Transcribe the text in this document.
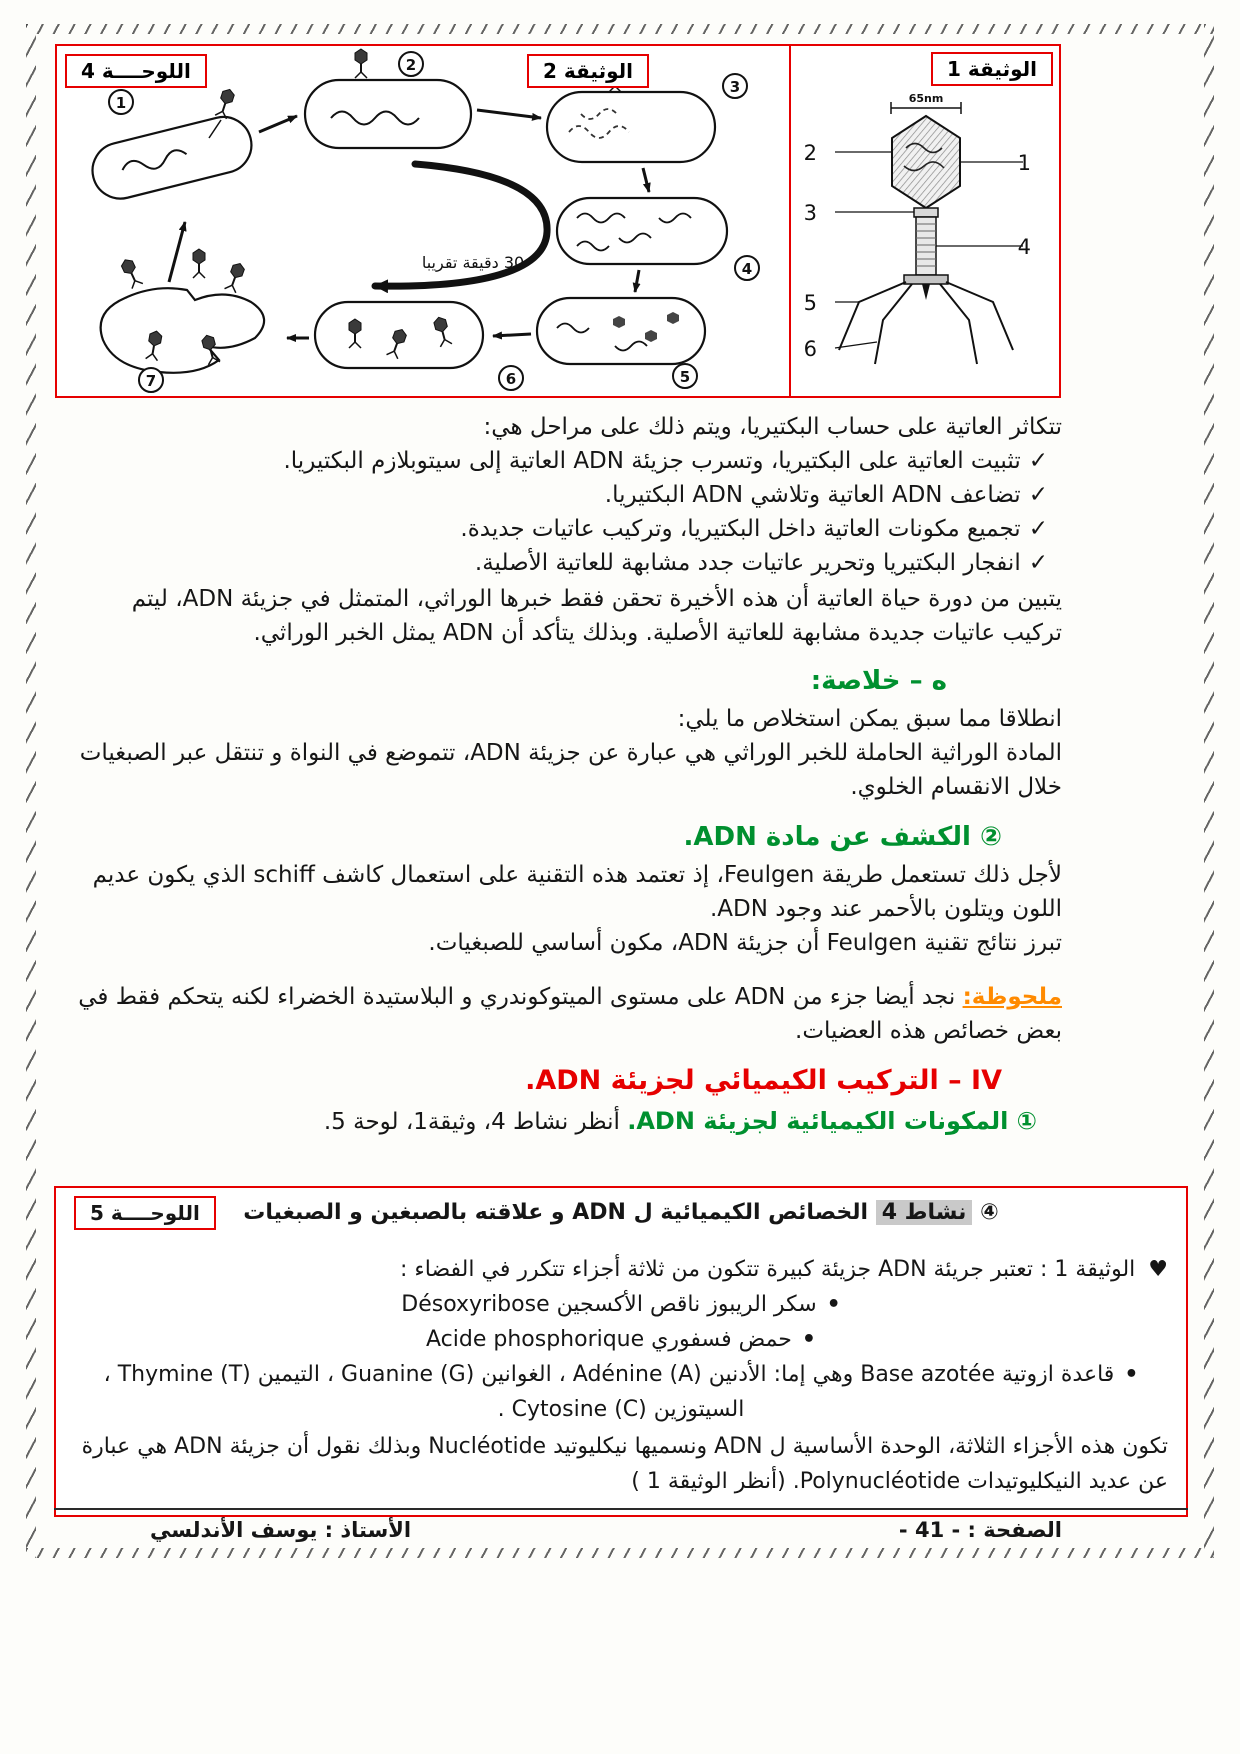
الوثيقة 1
65nm
1
2
3
4
5
6
الوثيقة 2
اللوحــــة 4
1
2
3
4
5
6
7
30 دقيقة تقريبا

تتكاثر العاتية على حساب البكتيريا، ويتم ذلك على مراحل هي:

✓تثبيت العاتية على البكتيريا، وتسرب جزيئة ADN العاتية إلى سيتوبلازم البكتيريا.
✓تضاعف ADN العاتية وتلاشي ADN البكتيريا.
✓تجميع مكونات العاتية داخل البكتيريا، وتركيب عاتيات جديدة.
✓انفجار البكتيريا وتحرير عاتيات جدد مشابهة للعاتية الأصلية.

يتبين من دورة حياة العاتية أن هذه الأخيرة تحقن فقط خبرها الوراثي، المتمثل في جزيئة ADN، ليتم تركيب عاتيات جديدة مشابهة للعاتية الأصلية. وبذلك يتأكد أن ADN يمثل الخبر الوراثي.

ه – خلاصة:

انطلاقا مما سبق يمكن استخلاص ما يلي:

المادة الوراثية الحاملة للخبر الوراثي هي عبارة عن جزيئة ADN، تتموضع في النواة و تنتقل عبر الصبغيات خلال الانقسام الخلوي.

② الكشف عن مادة ADN.

لأجل ذلك تستعمل طريقة Feulgen، إذ تعتمد هذه التقنية على استعمال كاشف schiff الذي يكون عديم اللون ويتلون بالأحمر عند وجود ADN.

تبرز نتائج تقنية Feulgen أن جزيئة ADN، مكون أساسي للصبغيات.

ملحوظة: نجد أيضا جزء من ADN على مستوى الميتوكوندري و البلاستيدة الخضراء لكنه يتحكم فقط في بعض خصائص هذه العضيات.

IV – التركيب الكيميائي لجزيئة ADN.

① المكونات الكيميائية لجزيئة ADN. أنظر نشاط 4، وثيقة1، لوحة 5.

اللوحــــة 5	④ نشاط 4 الخصائص الكيميائية ل ADN و علاقته بالصبغين و الصبغيات

♥ الوثيقة 1 : تعتبر جريئة ADN جزيئة كبيرة تتكون من ثلاثة أجزاء تتكرر في الفضاء :

•سكر الريبوز ناقص الأكسجين Désoxyribose
•حمض فسفوري Acide phosphorique
•قاعدة ازوتية Base azotée وهي إما: الأدنين (A) Adénine ، الغوانين (G) Guanine ، التيمين (T) Thymine ، السيتوزين (C) Cytosine .

تكون هذه الأجزاء الثلاثة، الوحدة الأساسية ل ADN ونسميها نيكليوتيد Nucléotide وبذلك نقول أن جزيئة ADN هي عبارة عن عديد النيكليوتيدات Polynucléotide. (أنظر الوثيقة 1 )

الصفحة : - 41 -
الأستاذ : يوسف الأندلسي
